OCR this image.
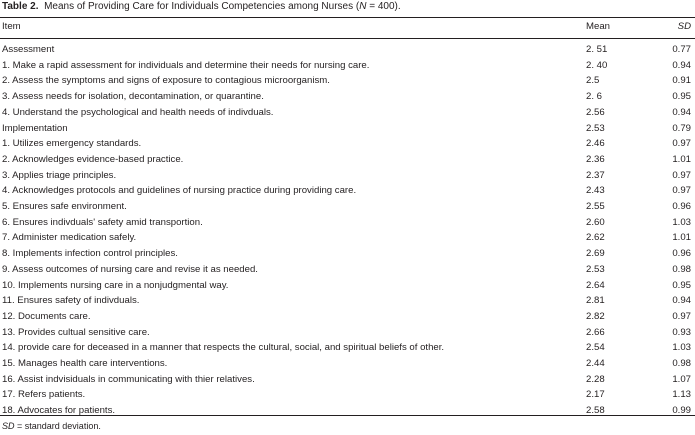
Table 2. Means of Providing Care for Individuals Competencies among Nurses (N = 400).
Item	Mean	SD
Assessment	2. 51	0.77
1. Make a rapid assessment for individuals and determine their needs for nursing care.	2. 40	0.94
2. Assess the symptoms and signs of exposure to contagious microorganism.	2.5	0.91
3. Assess needs for isolation, decontamination, or quarantine.	2. 6	0.95
4. Understand the psychological and health needs of indivduals.	2.56	0.94
Implementation	2.53	0.79
1. Utilizes emergency standards.	2.46	0.97
2. Acknowledges evidence-based practice.	2.36	1.01
3. Applies triage principles.	2.37	0.97
4. Acknowledges protocols and guidelines of nursing practice during providing care.	2.43	0.97
5. Ensures safe environment.	2.55	0.96
6. Ensures indivduals' safety amid transportion.	2.60	1.03
7. Administer medication safely.	2.62	1.01
8. Implements infection control principles.	2.69	0.96
9. Assess outcomes of nursing care and revise it as needed.	2.53	0.98
10. Implements nursing care in a nonjudgmental way.	2.64	0.95
11. Ensures safety of indivduals.	2.81	0.94
12. Documents care.	2.82	0.97
13. Provides cultual sensitive care.	2.66	0.93
14. provide care for deceased in a manner that respects the cultural, social, and spiritual beliefs of other.	2.54	1.03
15. Manages health care interventions.	2.44	0.98
16. Assist indvisiduals in communicating with thier relatives.	2.28	1.07
17. Refers patients.	2.17	1.13
18. Advocates for patients.	2.58	0.99
SD = standard deviation.
